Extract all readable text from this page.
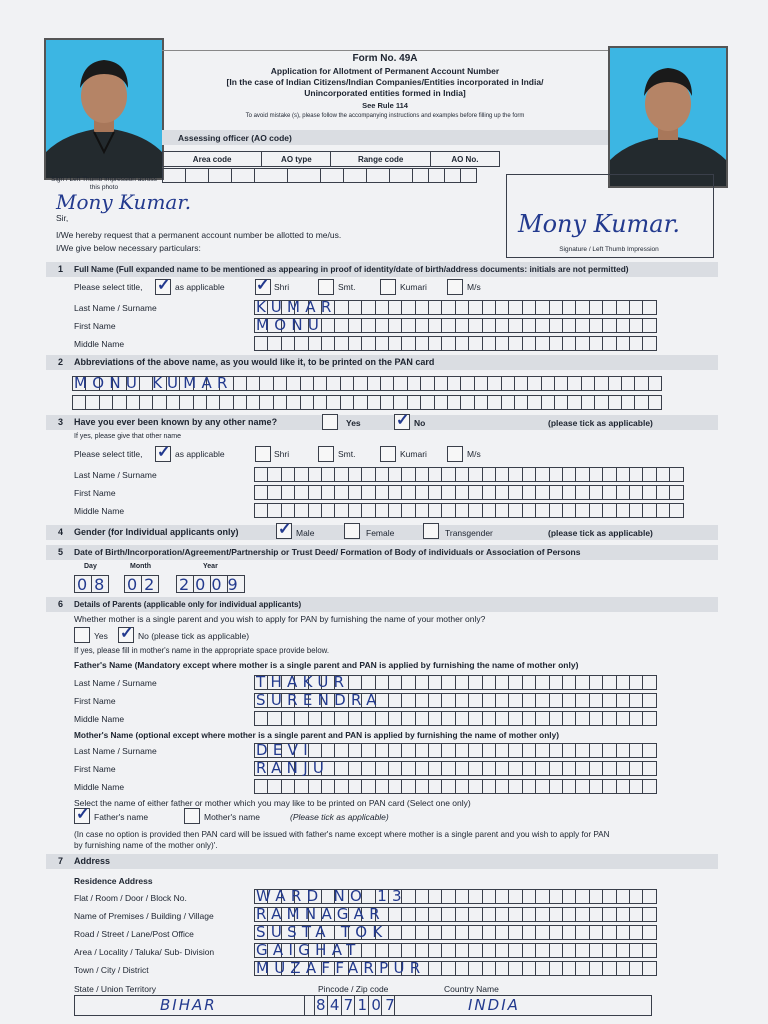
Sign / Left Thumb Impression across this photo
Form No. 49A
Application for Allotment of Permanent Account Number
[In the case of Indian Citizens/Indian Companies/Entities incorporated in India/
Unincorporated entities formed in India]
See Rule 114
To avoid mistake (s), please follow the accompanying instructions and examples before filling up the form
Assessing officer (AO code)
Area code	AO type	Range code	AO No.
Mony Kumar.
Signature / Left Thumb Impression
Mony Kumar.
Sir,
I/We hereby request that a permanent account number be allotted to me/us.
I/We give below necessary particulars:
1 Full Name (Full expanded name to be mentioned as appearing in proof of identity/date of birth/address documents: initials are not permitted)
Please select title, ✓ as applicable ✓ Shri	Smt.	Kumari	M/s
Last Name / Surname	KUMAR
First Name	MONU
Middle Name
2 Abbreviations of the above name, as you would like it, to be printed on the PAN card
MONU KUMAR
3 Have you ever been known by any other name?	Yes ✓ No	(please tick as applicable)
If yes, please give that other name
Please select title, ✓ as applicable	Shri	Smt.	Kumari	M/s
Last Name / Surname
First Name
Middle Name
4 Gender (for Individual applicants only) ✓ Male	Female	Transgender	(please tick as applicable)
5 Date of Birth/Incorporation/Agreement/Partnership or Trust Deed/ Formation of Body of individuals or Association of Persons
Day	Month	Year
08 02 2009
6 Details of Parents (applicable only for individual applicants)
Whether mother is a single parent and you wish to apply for PAN by furnishing the name of your mother only?
Yes ✓ No (please tick as applicable)
If yes, please fill in mother's name in the appropriate space provide below.
Father's Name (Mandatory except where mother is a single parent and PAN is applied by furnishing the name of mother only)
Last Name / Surname	THAKUR
First Name	SURENDRA
Middle Name
Mother's Name (optional except where mother is a single parent and PAN is applied by furnishing the name of mother only)
Last Name / Surname	DEVI
First Name	RANJU
Middle Name
Select the name of either father or mother which you may like to be printed on PAN card (Select one only)
✓ Father's name	Mother's name	(Please tick as applicable)
(In case no option is provided then PAN card will be issued with father's name except where mother is a single parent and you wish to apply for PAN
by furnishing name of the mother only)'.
7 Address
Residence Address
Flat / Room / Door / Block No.	WARD NO 13
Name of Premises / Building / Village	RAMNAGAR
Road / Street / Lane/Post Office	SUSTA TOK
Area / Locality / Taluka/ Sub- Division	GAIGHAT
Town / City / District	MUZAFFARPUR
State / Union Territory	Pincode / Zip code	Country Name
BIHAR	847107	INDIA
